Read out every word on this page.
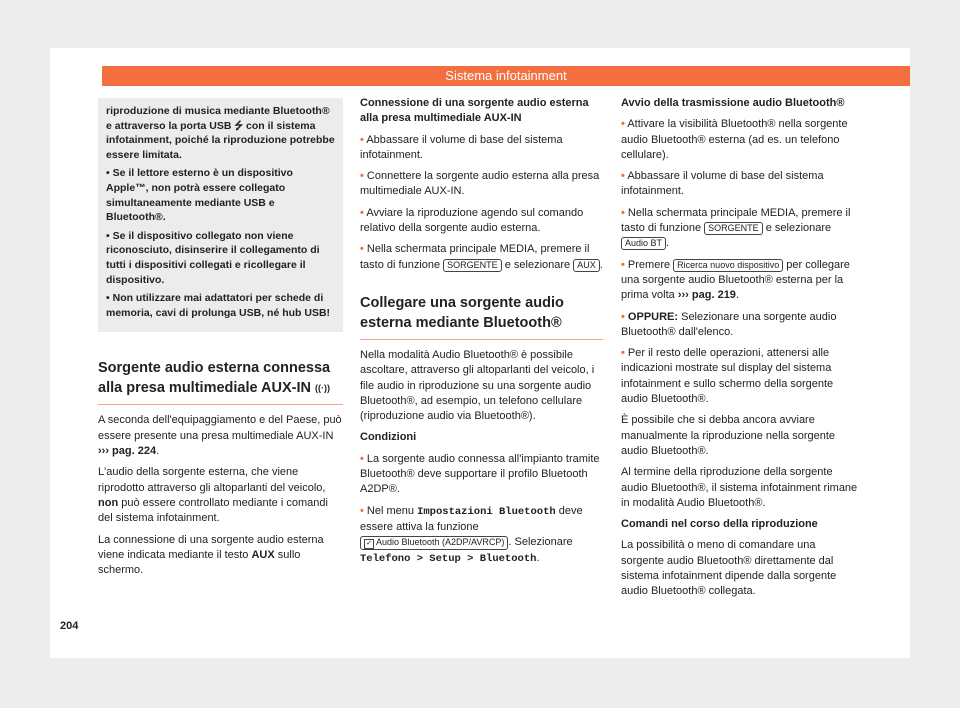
Sistema infotainment

riproduzione di musica mediante Bluetooth® e attraverso la porta USB ⭍ con il sistema infotainment, poiché la riproduzione potrebbe essere limitata.

• Se il lettore esterno è un dispositivo Apple™, non potrà essere collegato simultaneamente mediante USB e Bluetooth®.

• Se il dispositivo collegato non viene riconosciuto, disinserire il collegamento di tutti i dispositivi collegati e ricollegare il dispositivo.

• Non utilizzare mai adattatori per schede di memoria, cavi di prolunga USB, né hub USB!

Sorgente audio esterna connessa alla presa multimediale AUX-IN ((·))

A seconda dell'equipaggiamento e del Paese, può essere presente una presa multimediale AUX-IN ››› pag. 224.

L'audio della sorgente esterna, che viene riprodotto attraverso gli altoparlanti del veicolo, non può essere controllato mediante i comandi del sistema infotainment.

La connessione di una sorgente audio esterna viene indicata mediante il testo AUX sullo schermo.

Connessione di una sorgente audio esterna alla presa multimediale AUX-IN

• Abbassare il volume di base del sistema infotainment.

• Connettere la sorgente audio esterna alla presa multimediale AUX-IN.

• Avviare la riproduzione agendo sul comando relativo della sorgente audio esterna.

• Nella schermata principale MEDIA, premere il tasto di funzione SORGENTE e selezionare AUX .

Collegare una sorgente audio esterna mediante Bluetooth®

Nella modalità Audio Bluetooth® è possibile ascoltare, attraverso gli altoparlanti del veicolo, i file audio in riproduzione su una sorgente audio Bluetooth®, ad esempio, un telefono cellulare (riproduzione audio via Bluetooth®).

Condizioni

• La sorgente audio connessa all'impianto tramite Bluetooth® deve supportare il profilo Bluetooth A2DP®.

• Nel menu Impostazioni Bluetooth deve essere attiva la funzione ✓ Audio Bluetooth (A2DP/AVRCP) . Selezionare Telefono > Setup > Bluetooth.

Avvio della trasmissione audio Bluetooth®

• Attivare la visibilità Bluetooth® nella sorgente audio Bluetooth® esterna (ad es. un telefono cellulare).

• Abbassare il volume di base del sistema infotainment.

• Nella schermata principale MEDIA, premere il tasto di funzione SORGENTE e selezionare Audio BT .

• Premere Ricerca nuovo dispositivo per collegare una sorgente audio Bluetooth® esterna per la prima volta ››› pag. 219.

• OPPURE: Selezionare una sorgente audio Bluetooth® dall'elenco.

• Per il resto delle operazioni, attenersi alle indicazioni mostrate sul display del sistema infotainment e sullo schermo della sorgente audio Bluetooth®.

È possibile che si debba ancora avviare manualmente la riproduzione nella sorgente audio Bluetooth®.

Al termine della riproduzione della sorgente audio Bluetooth®, il sistema infotainment rimane in modalità Audio Bluetooth®.

Comandi nel corso della riproduzione

La possibilità o meno di comandare una sorgente audio Bluetooth® direttamente dal sistema infotainment dipende dalla sorgente audio Bluetooth® collegata.

204
